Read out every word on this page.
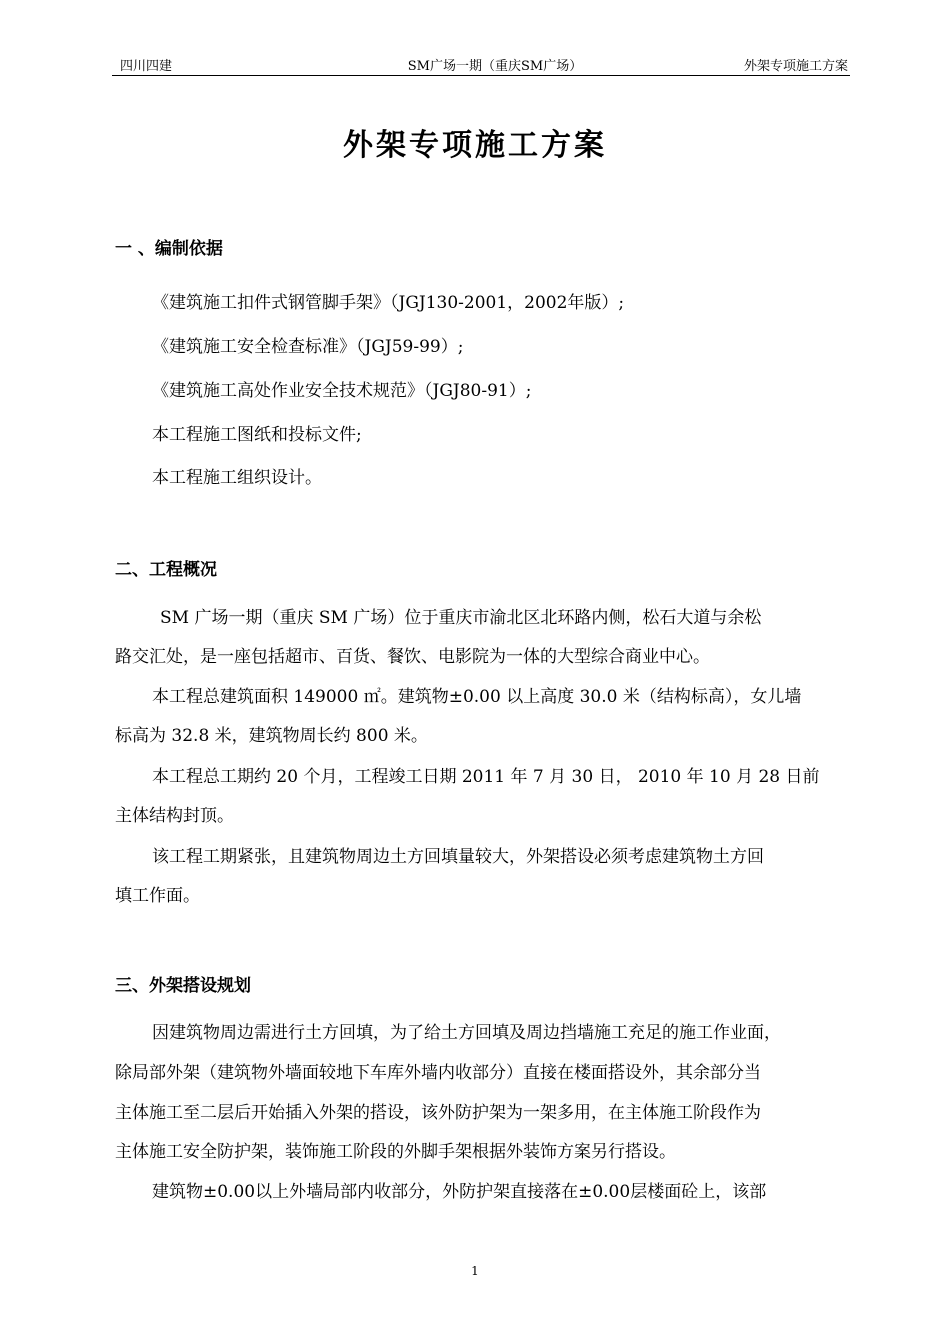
四川四建	SM广场一期（重庆SM广场）	外架专项施工方案
外架专项施工方案
一 、编制依据
《建筑施工扣件式钢管脚手架》（JGJ130-2001，2002年版）;
《建筑施工安全检查标准》（JGJ59-99）;
《建筑施工高处作业安全技术规范》（JGJ80-91）;
本工程施工图纸和投标文件;
本工程施工组织设计。
二、工程概况
SM 广场一期（重庆 SM 广场）位于重庆市渝北区北环路内侧，松石大道与余松
路交汇处，是一座包括超市、百货、餐饮、电影院为一体的大型综合商业中心。
本工程总建筑面积 149000 ㎡。建筑物±0.00 以上高度 30.0 米（结构标高），女儿墙
标高为 32.8 米，建筑物周长约 800 米。
本工程总工期约 20 个月，工程竣工日期 2011 年 7 月 30 日， 2010 年 10 月 28 日前
主体结构封顶。
该工程工期紧张，且建筑物周边土方回填量较大，外架搭设必须考虑建筑物土方回
填工作面。
三、外架搭设规划
因建筑物周边需进行土方回填，为了给土方回填及周边挡墙施工充足的施工作业面，
除局部外架（建筑物外墙面较地下车库外墙内收部分）直接在楼面搭设外，其余部分当
主体施工至二层后开始插入外架的搭设，该外防护架为一架多用，在主体施工阶段作为
主体施工安全防护架，装饰施工阶段的外脚手架根据外装饰方案另行搭设。
建筑物±0.00以上外墙局部内收部分，外防护架直接落在±0.00层楼面砼上，该部
1
